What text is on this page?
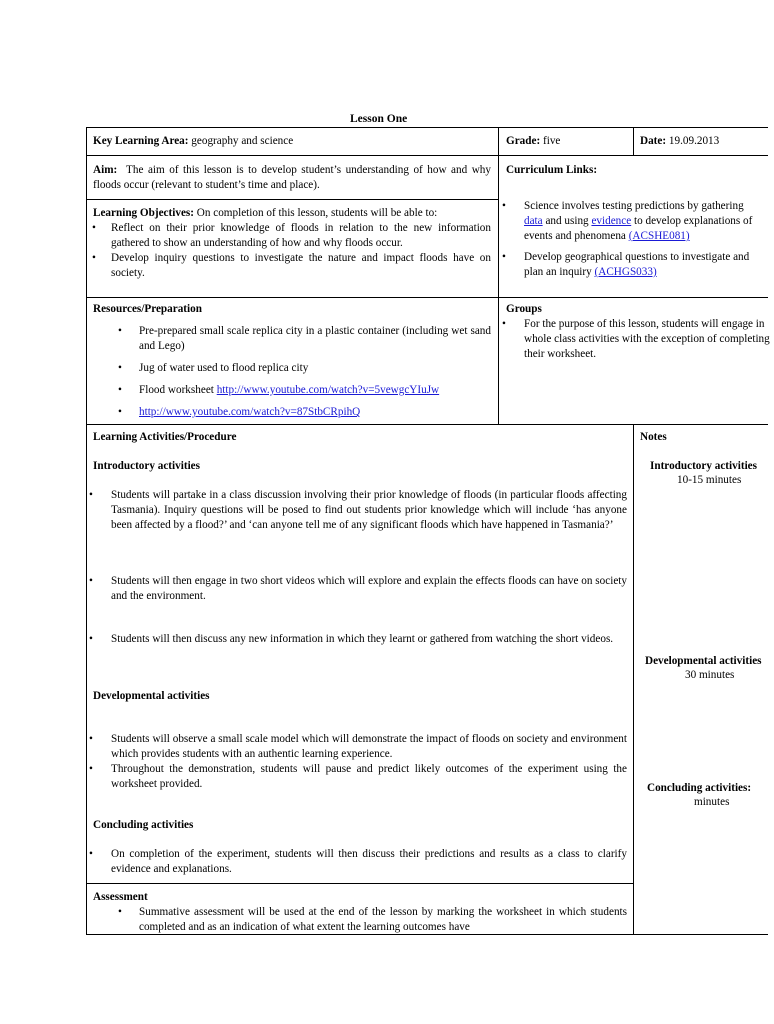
Lesson One
Key Learning Area: geography and science	Grade: five	Date: 19.09.2013
Aim: The aim of this lesson is to develop student’s understanding of how and why floods occur (relevant to student’s time and place).
Learning Objectives: On completion of this lesson, students will be able to:
• Reflect on their prior knowledge of floods in relation to the new information gathered to show an understanding of how and why floods occur.
• Develop inquiry questions to investigate the nature and impact floods have on society.
Curriculum Links:
• Science involves testing predictions by gathering
data and using evidence to develop explanations of
events and phenomena (ACSHE081)
• Develop geographical questions to investigate and
plan an inquiry (ACHGS033)
Resources/Preparation
• Pre-prepared small scale replica city in a plastic container (including wet sand and Lego)
• Jug of water used to flood replica city
• Flood worksheet http://www.youtube.com/watch?v=5vewgcYIuJw
• http://www.youtube.com/watch?v=87StbCRpihQ
Groups
• For the purpose of this lesson, students will engage in whole class activities with the exception of completing their worksheet.
Learning Activities/Procedure
Introductory activities
• Students will partake in a class discussion involving their prior knowledge of floods (in particular floods affecting Tasmania). Inquiry questions will be posed to find out students prior knowledge which will include ‘has anyone been affected by a flood?’ and ‘can anyone tell me of any significant floods which have happened in Tasmania?’
• Students will then engage in two short videos which will explore and explain the effects floods can have on society and the environment.
• Students will then discuss any new information in which they learnt or gathered from watching the short videos.
Developmental activities
• Students will observe a small scale model which will demonstrate the impact of floods on society and environment which provides students with an authentic learning experience.
• Throughout the demonstration, students will pause and predict likely outcomes of the experiment using the worksheet provided.
Concluding activities
• On completion of the experiment, students will then discuss their predictions and results as a class to clarify evidence and explanations.
Assessment
• Summative assessment will be used at the end of the lesson by marking the worksheet in which students completed and as an indication of what extent the learning outcomes have
Notes
Introductory activities
10-15 minutes
Developmental activities
30 minutes
Concluding activities:
minutes
